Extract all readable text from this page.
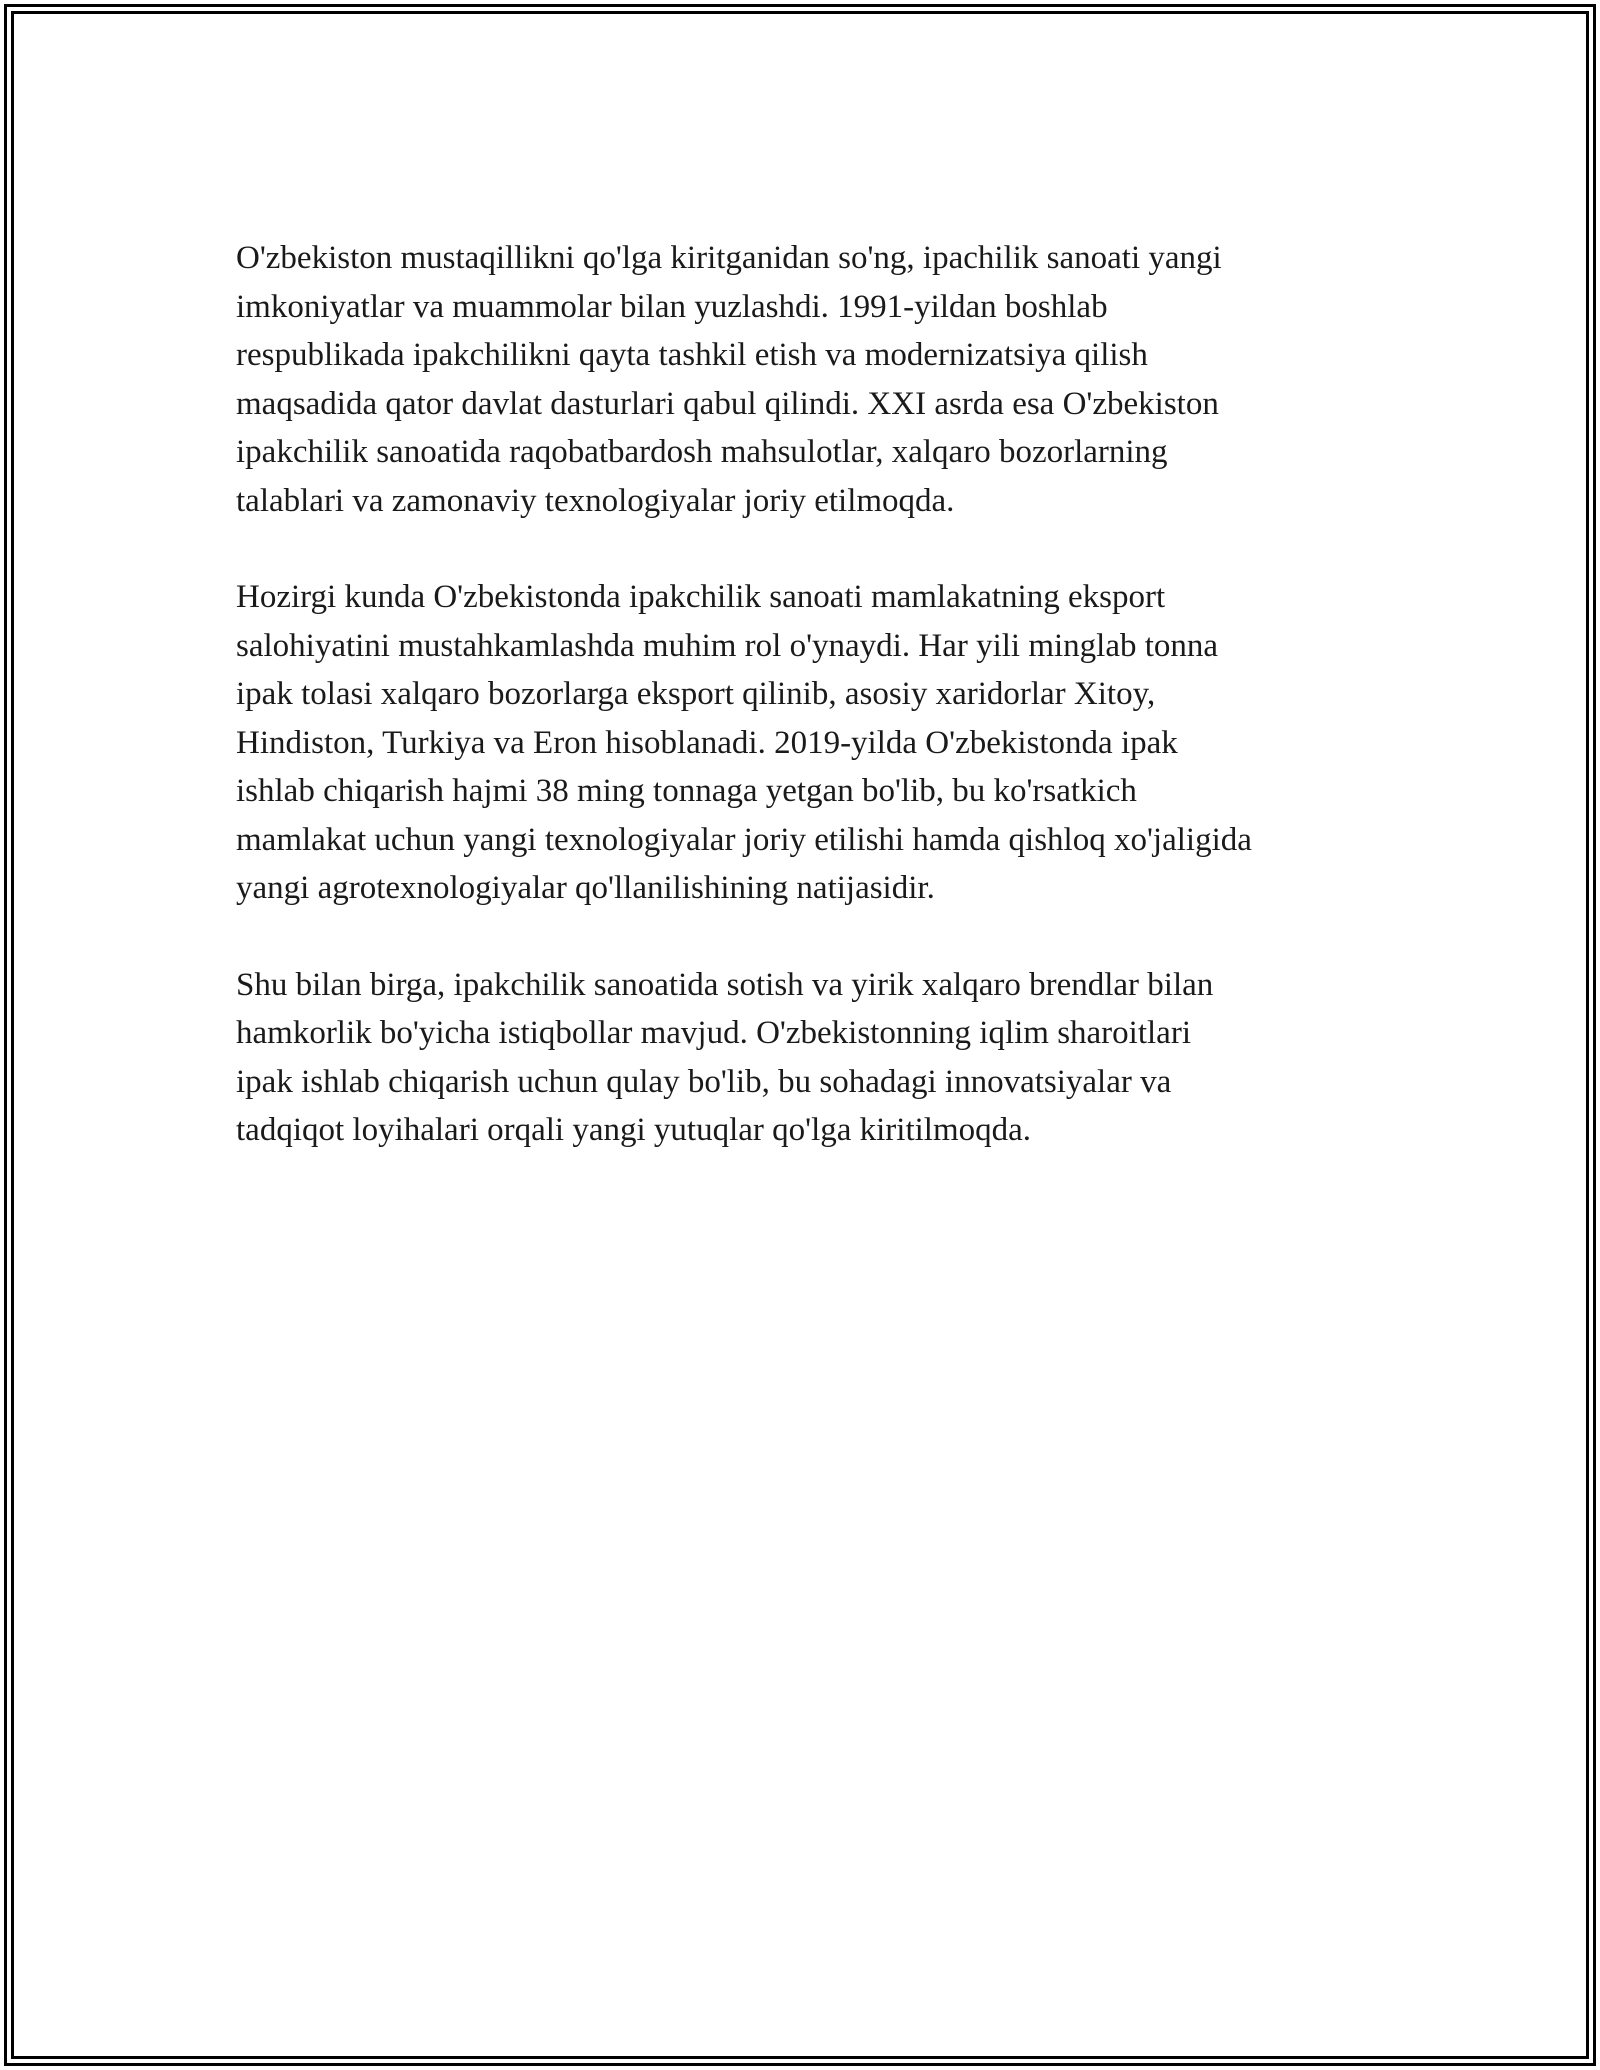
O'zbekiston mustaqillikni qo'lga kiritganidan so'ng, ipachilik sanoati yangi
imkoniyatlar va muammolar bilan yuzlashdi. 1991-yildan boshlab
respublikada ipakchilikni qayta tashkil etish va modernizatsiya qilish
maqsadida qator davlat dasturlari qabul qilindi. XXI asrda esa O'zbekiston
ipakchilik sanoatida raqobatbardosh mahsulotlar, xalqaro bozorlarning
talablari va zamonaviy texnologiyalar joriy etilmoqda.

Hozirgi kunda O'zbekistonda ipakchilik sanoati mamlakatning eksport
salohiyatini mustahkamlashda muhim rol o'ynaydi. Har yili minglab tonna
ipak tolasi xalqaro bozorlarga eksport qilinib, asosiy xaridorlar Xitoy,
Hindiston, Turkiya va Eron hisoblanadi. 2019-yilda O'zbekistonda ipak
ishlab chiqarish hajmi 38 ming tonnaga yetgan bo'lib, bu ko'rsatkich
mamlakat uchun yangi texnologiyalar joriy etilishi hamda qishloq xo'jaligida
yangi agrotexnologiyalar qo'llanilishining natijasidir.

Shu bilan birga, ipakchilik sanoatida sotish va yirik xalqaro brendlar bilan
hamkorlik bo'yicha istiqbollar mavjud. O'zbekistonning iqlim sharoitlari
ipak ishlab chiqarish uchun qulay bo'lib, bu sohadagi innovatsiyalar va
tadqiqot loyihalari orqali yangi yutuqlar qo'lga kiritilmoqda.
